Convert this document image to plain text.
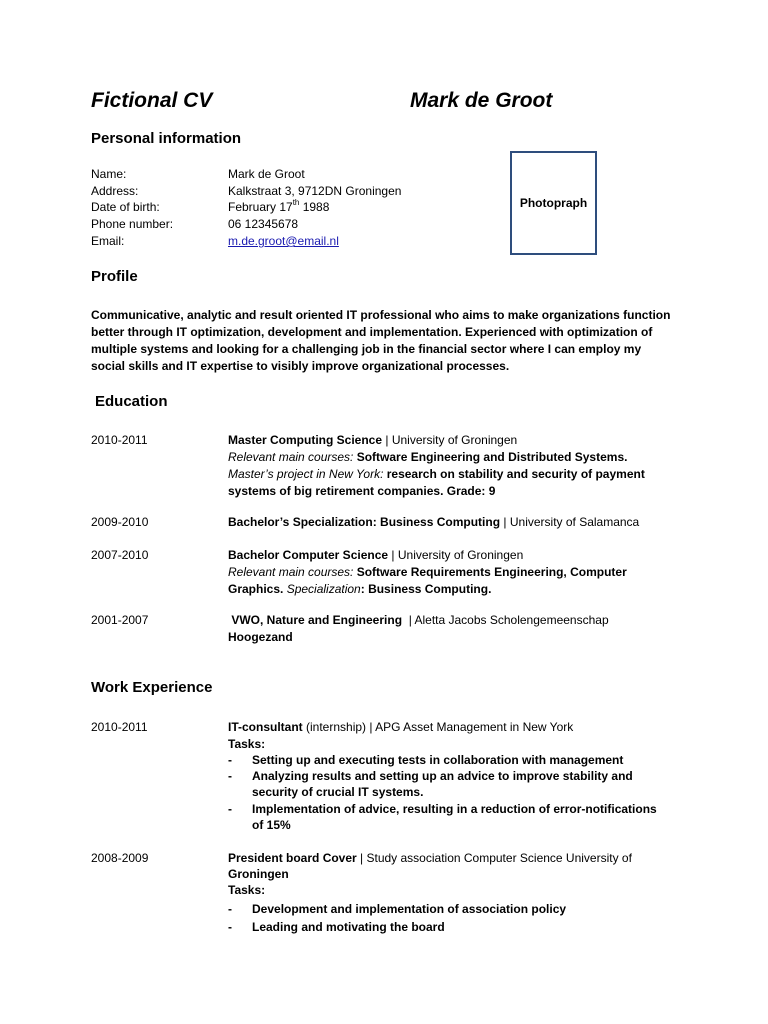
Fictional CV	Mark de Groot
Personal information
Name:	Mark de Groot
Address:	Kalkstraat 3, 9712DN Groningen
Date of birth:	February 17th 1988
Phone number:	06 12345678
Email:	m.de.groot@email.nl
Photopraph
Profile
Communicative, analytic and result oriented IT professional who aims to make organizations function
better through IT optimization, development and implementation. Experienced with optimization of
multiple systems and looking for a challenging job in the financial sector where I can employ my
social skills and IT expertise to visibly improve organizational processes.
Education
2010-2011	Master Computing Science | University of Groningen
Relevant main courses: Software Engineering and Distributed Systems.
Master’s project in New York: research on stability and security of payment
systems of big retirement companies. Grade: 9
2009-2010	Bachelor’s Specialization: Business Computing | University of Salamanca
2007-2010	Bachelor Computer Science | University of Groningen
Relevant main courses: Software Requirements Engineering, Computer
Graphics. Specialization: Business Computing.
2001-2007	VWO, Nature and Engineering  | Aletta Jacobs Scholengemeenschap
Hoogezand
Work Experience
2010-2011	IT-consultant (internship) | APG Asset Management in New York
Tasks:
- Setting up and executing tests in collaboration with management
- Analyzing results and setting up an advice to improve stability and
security of crucial IT systems.
- Implementation of advice, resulting in a reduction of error-notifications
of 15%
2008-2009	President board Cover | Study association Computer Science University of
Groningen
Tasks:
- Development and implementation of association policy
- Leading and motivating the board
